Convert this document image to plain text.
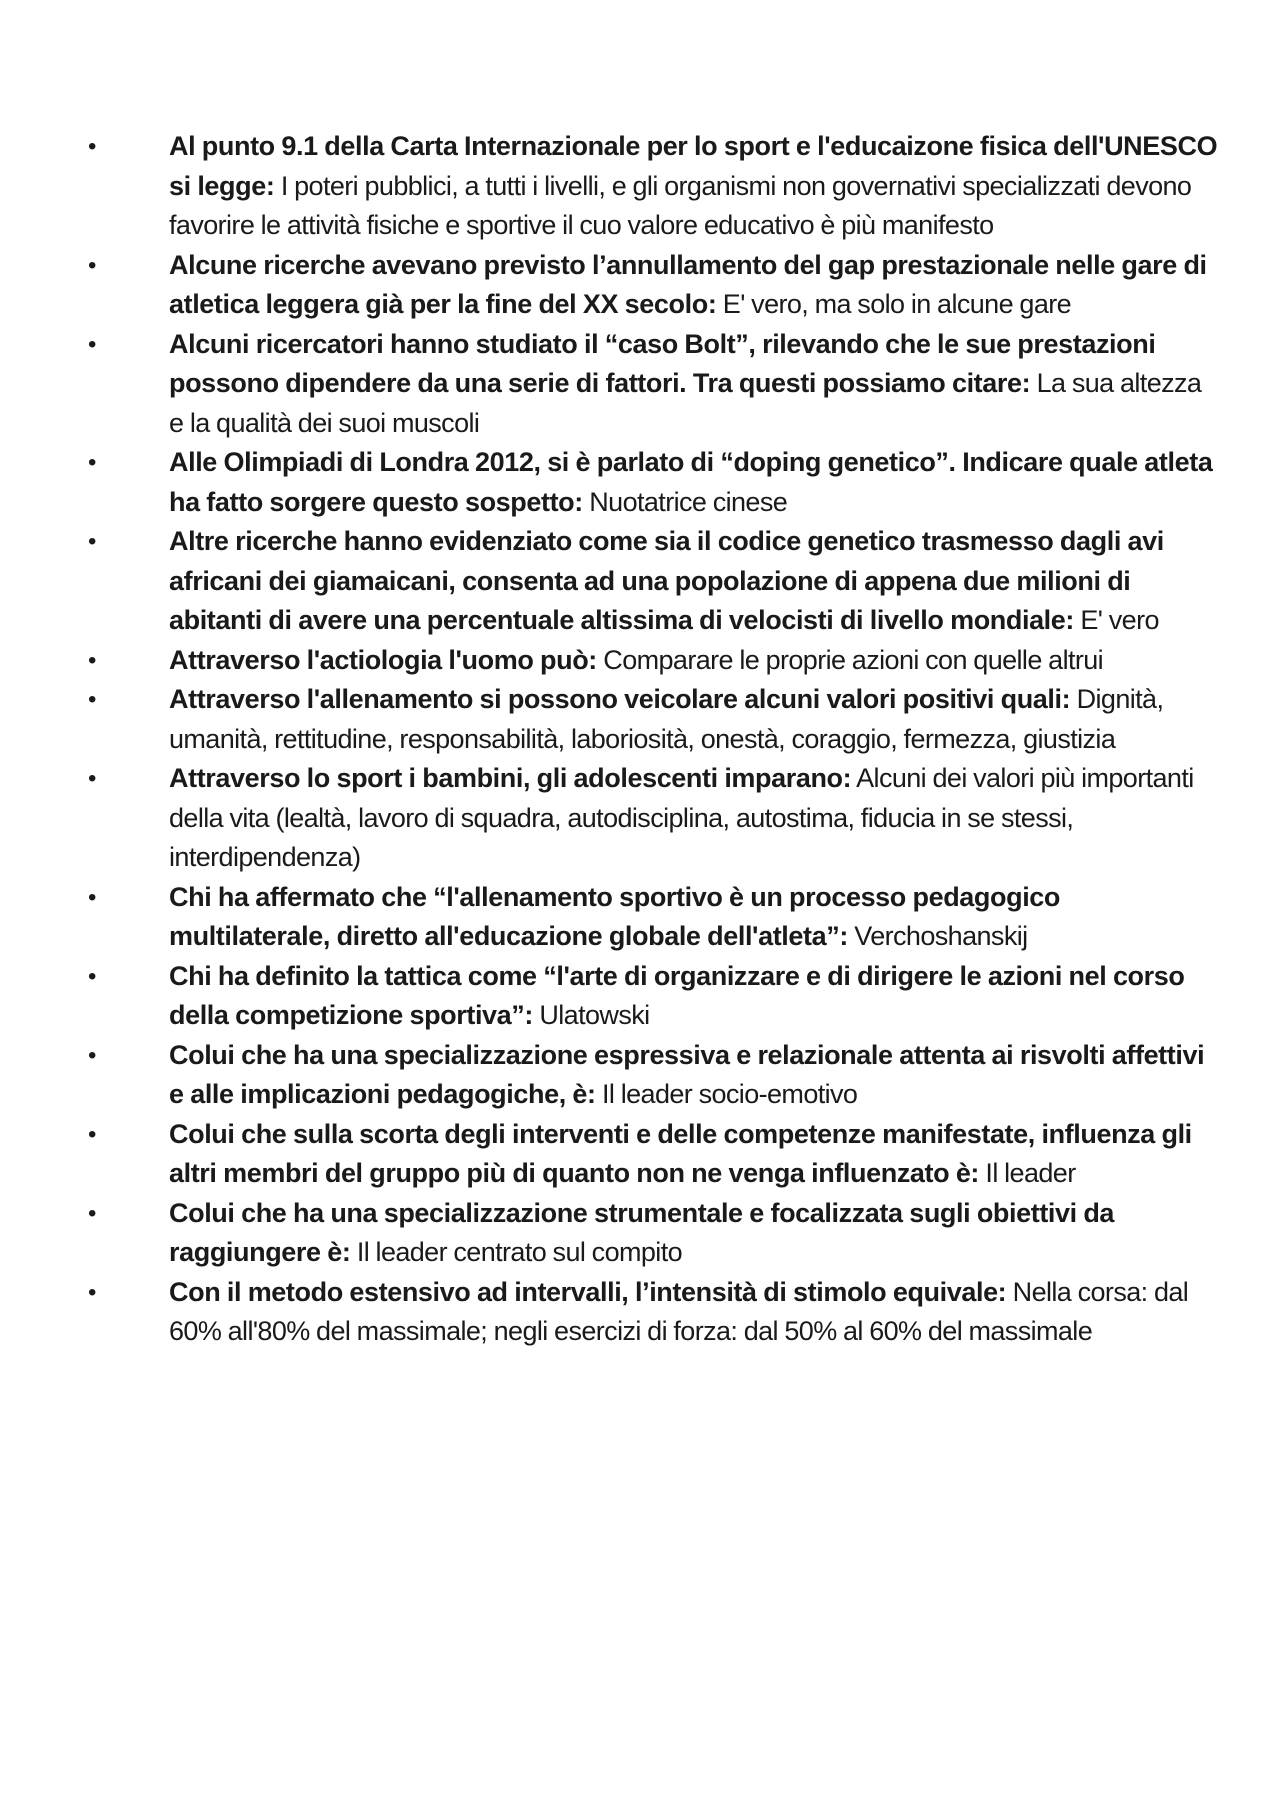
•	Al punto 9.1 della Carta Internazionale per lo sport e l'educaizone fisica dell'UNESCO si legge: I poteri pubblici, a tutti i livelli, e gli organismi non governativi specializzati devono favorire le attività fisiche e sportive il cuo valore educativo è più manifesto
•	Alcune ricerche avevano previsto l’annullamento del gap prestazionale nelle gare di atletica leggera già per la fine del XX secolo: E' vero, ma solo in alcune gare
•	Alcuni ricercatori hanno studiato il “caso Bolt”, rilevando che le sue prestazioni possono dipendere da una serie di fattori. Tra questi possiamo citare: La sua altezza e la qualità dei suoi muscoli
•	Alle Olimpiadi di Londra 2012, si è parlato di “doping genetico”. Indicare quale atleta ha fatto sorgere questo sospetto: Nuotatrice cinese
•	Altre ricerche hanno evidenziato come sia il codice genetico trasmesso dagli avi africani dei giamaicani, consenta ad una popolazione di appena due milioni di abitanti di avere una percentuale altissima di velocisti di livello mondiale: E' vero
•	Attraverso l'actiologia l'uomo può: Comparare le proprie azioni con quelle altrui
•	Attraverso l'allenamento si possono veicolare alcuni valori positivi quali: Dignità, umanità, rettitudine, responsabilità, laboriosità, onestà, coraggio, fermezza, giustizia
•	Attraverso lo sport i bambini, gli adolescenti imparano: Alcuni dei valori più importanti della vita (lealtà, lavoro di squadra, autodisciplina, autostima, fiducia in se stessi, interdipendenza)
•	Chi ha affermato che “l'allenamento sportivo è un processo pedagogico multilaterale, diretto all'educazione globale dell'atleta”: Verchoshanskij
•	Chi ha definito la tattica come “l'arte di organizzare e di dirigere le azioni nel corso della competizione sportiva”: Ulatowski
•	Colui che ha una specializzazione espressiva e relazionale attenta ai risvolti affettivi e alle implicazioni pedagogiche, è: Il leader socio-emotivo
•	Colui che sulla scorta degli interventi e delle competenze manifestate, influenza gli altri membri del gruppo più di quanto non ne venga influenzato è: Il leader
•	Colui che ha una specializzazione strumentale e focalizzata sugli obiettivi da raggiungere è: Il leader centrato sul compito
•	Con il metodo estensivo ad intervalli, l’intensità di stimolo equivale: Nella corsa: dal 60% all'80% del massimale; negli esercizi di forza: dal 50% al 60% del massimale
